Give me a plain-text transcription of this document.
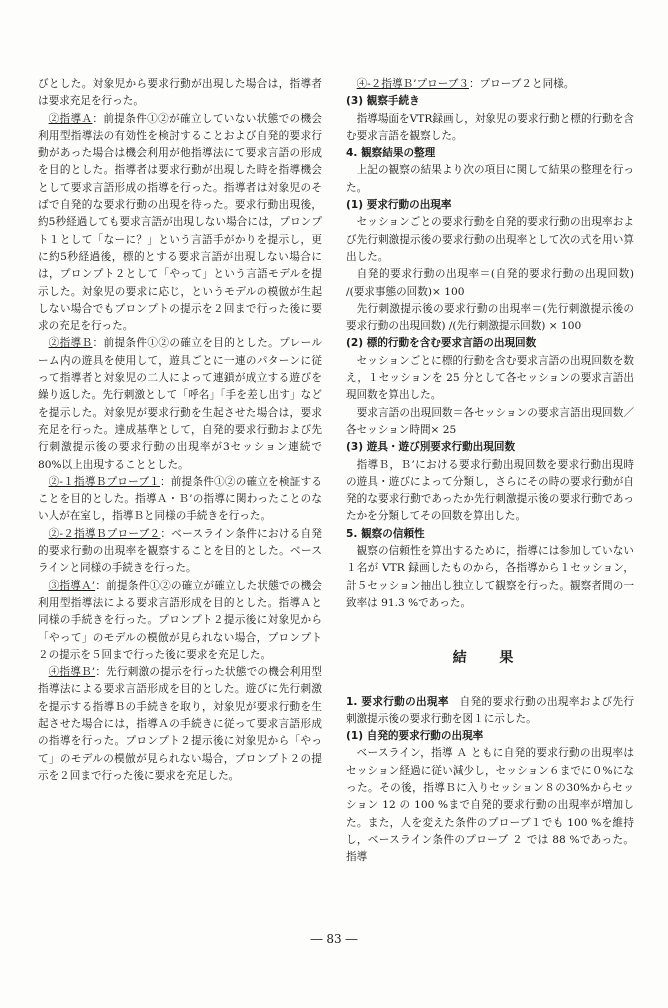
びとした。対象児から要求行動が出現した場合は，指導者は要求充足を行った。

②指導Ａ：前提条件①②が確立していない状態での機会利用型指導法の有効性を検討することおよび自発的要求行動があった場合は機会利用が他指導法にて要求言語の形成を目的とした。指導者は要求行動が出現した時を指導機会として要求言語形成の指導を行った。指導者は対象児のそばで自発的な要求行動の出現を待った。要求行動出現後，約5秒経過しても要求言語が出現しない場合には，プロンプト１として「なーに？」という言語手がかりを提示し，更に約5秒経過後，標的とする要求言語が出現しない場合には，プロンプト２として「やって」という言語モデルを提示した。対象児の要求に応じ，というモデルの模倣が生起しない場合でもプロンプトの提示を２回まで行った後に要求の充足を行った。

②指導Ｂ：前提条件①②の確立を目的とした。プレールーム内の遊具を使用して，遊具ごとに一連のパターンに従って指導者と対象児の二人によって連鎖が成立する遊びを繰り返した。先行刺激として「呼名」「手を差し出す」などを提示した。対象児が要求行動を生起させた場合は，要求充足を行った。達成基準として，自発的要求行動および先行刺激提示後の要求行動の出現率が3セッション連続で80%以上出現することとした。

②-１指導Ｂプローブ１：前提条件①②の確立を検証することを目的とした。指導Ａ・Ｂ’の指導に関わったことのない人が在室し，指導Ｂと同様の手続きを行った。

②-２指導Ｂプローブ２：ベースライン条件における自発的要求行動の出現率を観察することを目的とした。ベースラインと同様の手続きを行った。

③指導Ａ’：前提条件①②の確立が確立した状態での機会利用型指導法による要求言語形成を目的とした。指導Ａと同様の手続きを行った。プロンプト２提示後に対象児から「やって」のモデルの模倣が見られない場合，プロンプト２の提示を５回まで行った後に要求を充足した。

④指導Ｂ’：先行刺激の提示を行った状態での機会利用型指導法による要求言語形成を目的とした。遊びに先行刺激を提示する指導Ｂの手続きを取り，対象児が要求行動を生起させた場合には，指導Ａの手続きに従って要求言語形成の指導を行った。プロンプト２提示後に対象児から「やって」のモデルの模倣が見られない場合，プロンプト２の提示を２回まで行った後に要求を充足した。

④-２指導Ｂ’プローブ３：プローブ２と同様。

(3) 観察手続き

指導場面をVTR録画し，対象児の要求行動と標的行動を含む要求言語を観察した。

4. 観察結果の整理

上記の観察の結果より次の項目に関して結果の整理を行った。

(1) 要求行動の出現率

セッションごとの要求行動を自発的要求行動の出現率および先行刺激提示後の要求行動の出現率として次の式を用い算出した。

自発的要求行動の出現率＝(自発的要求行動の出現回数) /(要求事態の回数)× 100

先行刺激提示後の要求行動の出現率＝(先行刺激提示後の要求行動の出現回数) /(先行刺激提示回数) × 100

(2) 標的行動を含む要求言語の出現回数

セッションごとに標的行動を含む要求言語の出現回数を数え，１セッションを 25 分として各セッションの要求言語出現回数を算出した。

要求言語の出現回数＝各セッションの要求言語出現回数／各セッション時間× 25

(3) 遊具・遊び別要求行動出現回数

指導Ｂ，Ｂ’における要求行動出現回数を要求行動出現時の遊具・遊びによって分類し，さらにその時の要求行動が自発的な要求行動であったか先行刺激提示後の要求行動であったかを分類してその回数を算出した。

5. 観察の信頼性

観察の信頼性を算出するために，指導には参加していない１名が VTR 録画したものから，各指導から１セッション，計５セッション抽出し独立して観察を行った。観察者間の一致率は 91.3 %であった。

結 果

1. 要求行動の出現率　 自発的要求行動の出現率および先行刺激提示後の要求行動を図１に示した。

(1) 自発的要求行動の出現率

ベースライン，指導 Ａ ともに自発的要求行動の出現率はセッション経過に従い減少し，セッション６までに０%になった。その後，指導Ｂに入りセッション８の30%からセッション 12 の 100 %まで自発的要求行動の出現率が増加した。また，人を変えた条件のプローブ１でも 100 %を維持し，ベースライン条件のプローブ ２ では 88 %であった。指導

― 83 ―
